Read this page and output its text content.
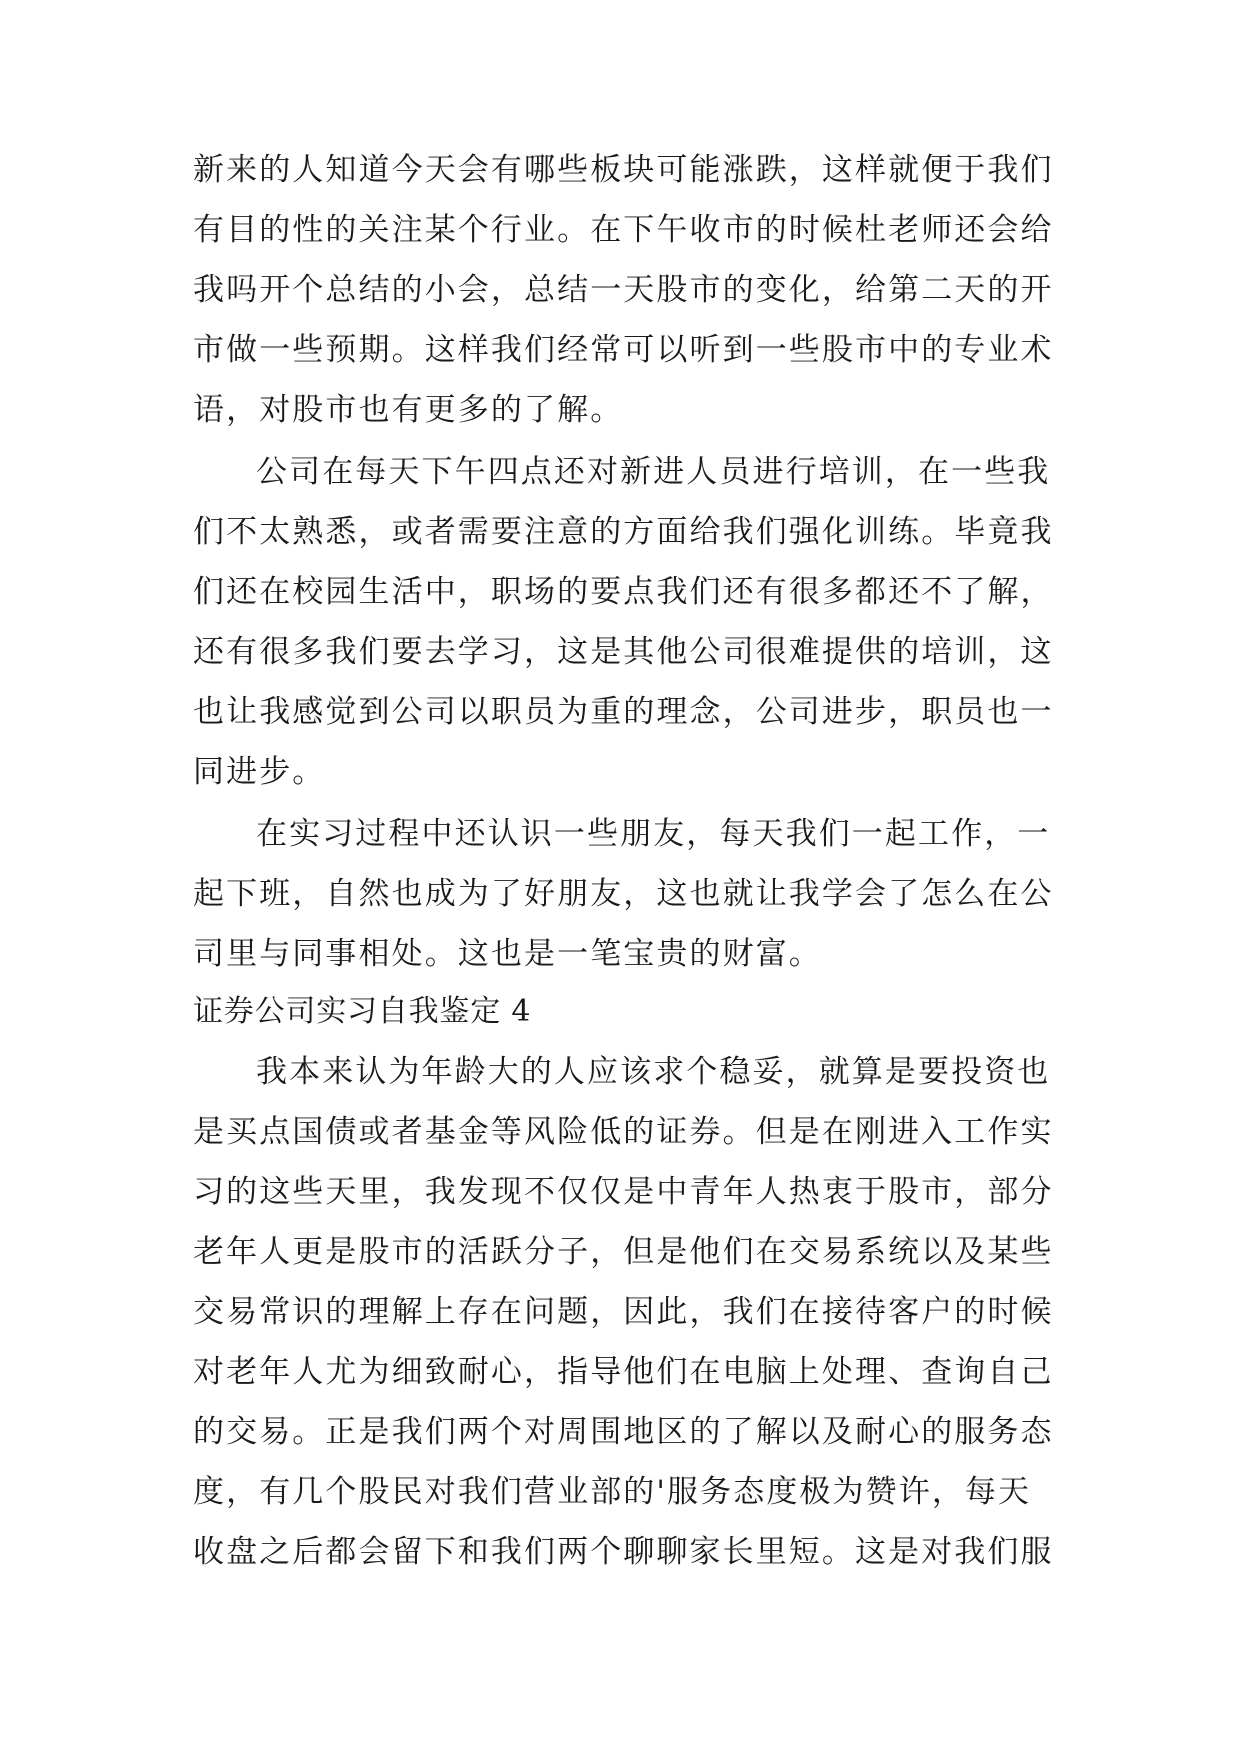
新来的人知道今天会有哪些板块可能涨跌，这样就便于我们
有目的性的关注某个行业。在下午收市的时候杜老师还会给
我吗开个总结的小会，总结一天股市的变化，给第二天的开
市做一些预期。这样我们经常可以听到一些股市中的专业术
语，对股市也有更多的了解。
公司在每天下午四点还对新进人员进行培训，在一些我
们不太熟悉，或者需要注意的方面给我们强化训练。毕竟我
们还在校园生活中，职场的要点我们还有很多都还不了解，
还有很多我们要去学习，这是其他公司很难提供的培训，这
也让我感觉到公司以职员为重的理念，公司进步，职员也一
同进步。
在实习过程中还认识一些朋友，每天我们一起工作，一
起下班，自然也成为了好朋友，这也就让我学会了怎么在公
司里与同事相处。这也是一笔宝贵的财富。
证券公司实习自我鉴定 4
我本来认为年龄大的人应该求个稳妥，就算是要投资也
是买点国债或者基金等风险低的证券。但是在刚进入工作实
习的这些天里，我发现不仅仅是中青年人热衷于股市，部分
老年人更是股市的活跃分子，但是他们在交易系统以及某些
交易常识的理解上存在问题，因此，我们在接待客户的时候
对老年人尤为细致耐心，指导他们在电脑上处理、查询自己
的交易。正是我们两个对周围地区的了解以及耐心的服务态
度，有几个股民对我们营业部的'服务态度极为赞许，每天
收盘之后都会留下和我们两个聊聊家长里短。这是对我们服
